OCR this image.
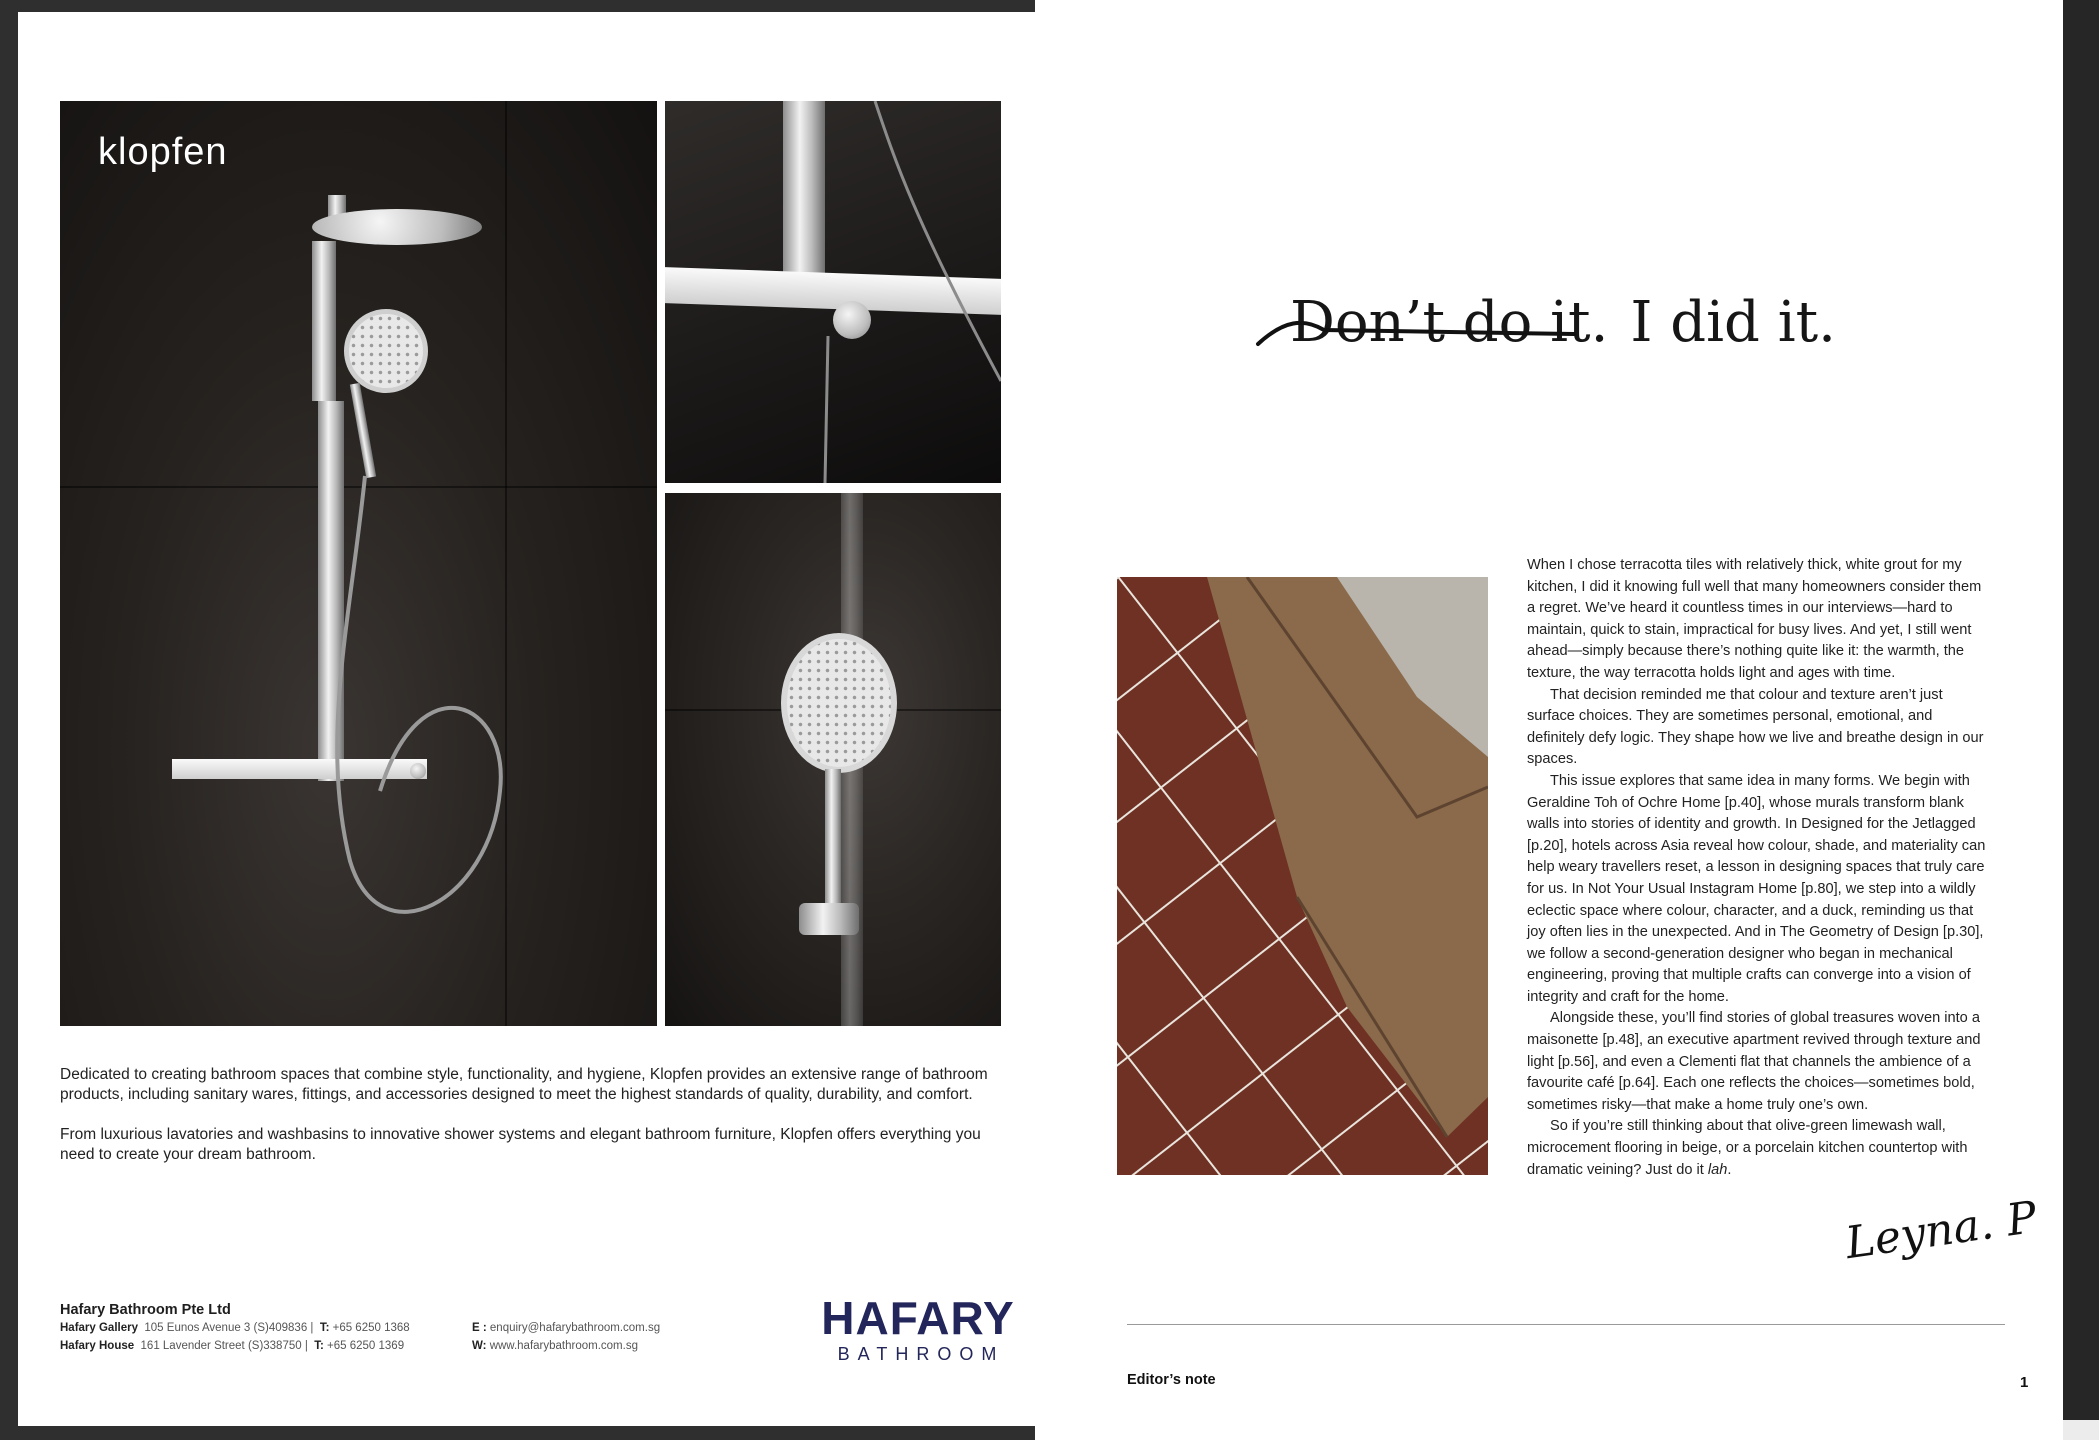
klopfen

Dedicated to creating bathroom spaces that combine style, functionality, and hygiene, Klopfen provides an extensive range of bathroom products, including sanitary wares, fittings, and accessories designed to meet the highest standards of quality, durability, and comfort.

From luxurious lavatories and washbasins to innovative shower systems and elegant bathroom furniture, Klopfen offers everything you need to create your dream bathroom.

Hafary Bathroom Pte Ltd
Hafary Gallery 105 Eunos Avenue 3 (S)409836 |  T: +65 6250 1368
Hafary House 161 Lavender Street (S)338750 |  T: +65 6250 1369
E : enquiry@hafarybathroom.com.sg
W: www.hafarybathroom.com.sg
HAFARY
BATHROOM
Don’t do it. I did it.

When I chose terracotta tiles with relatively thick, white grout for my kitchen, I did it knowing full well that many homeowners consider them a regret. We’ve heard it countless times in our interviews—hard to maintain, quick to stain, impractical for busy lives. And yet, I still went ahead—simply because there’s nothing quite like it: the warmth, the texture, the way terracotta holds light and ages with time.

That decision reminded me that colour and texture aren’t just surface choices. They are sometimes personal, emotional, and definitely defy logic. They shape how we live and breathe design in our spaces.

This issue explores that same idea in many forms. We begin with Geraldine Toh of Ochre Home [p.40], whose murals transform blank walls into stories of identity and growth. In Designed for the Jetlagged [p.20], hotels across Asia reveal how colour, shade, and materiality can help weary travellers reset, a lesson in designing spaces that truly care for us. In Not Your Usual Instagram Home [p.80], we step into a wildly eclectic space where colour, character, and a duck, reminding us that joy often lies in the unexpected. And in The Geometry of Design [p.30], we follow a second-generation designer who began in mechanical engineering, proving that multiple crafts can converge into a vision of integrity and craft for the home.

Alongside these, you’ll find stories of global treasures woven into a maisonette [p.48], an executive apartment revived through texture and light [p.56], and even a Clementi flat that channels the ambience of a favourite café [p.64]. Each one reflects the choices—sometimes bold, sometimes risky—that make a home truly one’s own.

So if you’re still thinking about that olive-green limewash wall, microcement flooring in beige, or a porcelain kitchen countertop with dramatic veining? Just do it lah.

Leyna. P
Editor’s note	1
